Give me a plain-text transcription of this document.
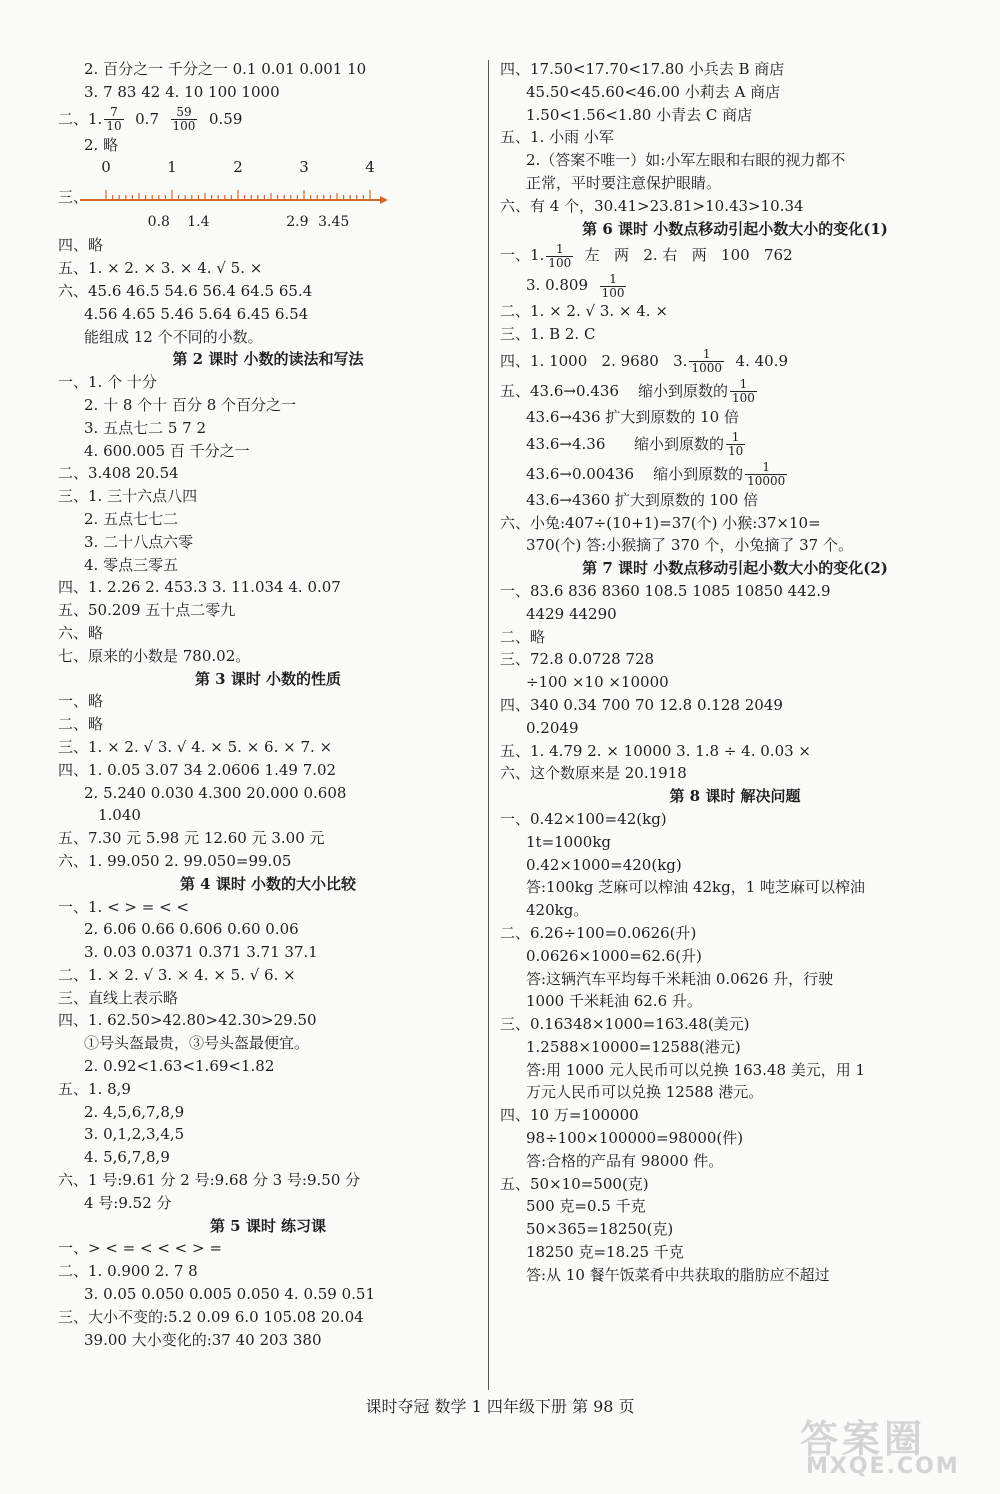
2. 百分之一 千分之一 0.1 0.01 0.001 10
3. 7 83 42 4. 10 100 1000
二、1. $\frac{7}{10} 0.7 \frac{59}{100} 0.59$
2. 略
三、
0	1	2	3	4
0.8 1.4	2.9 3.45
四、略
五、1. × 2. × 3. × 4. √ 5. ×
六、45.6 46.5 54.6 56.4 64.5 65.4
4.56 4.65 5.46 5.64 6.45 6.54
能组成 12 个不同的小数。
第 2 课时 小数的读法和写法
一、1. 个 十分
2. 十 8 个十 百分 8 个百分之一
3. 五点七二 5 7 2
4. 600.005 百 千分之一
二、3.408 20.54
三、1. 三十六点八四
2. 五点七七二
3. 二十八点六零
4. 零点三零五
四、1. 2.26 2. 453.3 3. 11.034 4. 0.07
五、50.209 五十点二零九
六、略
七、原来的小数是 780.02。
第 3 课时 小数的性质
一、略
二、略
三、1. × 2. √ 3. √ 4. × 5. × 6. × 7. ×
四、1. 0.05 3.07 34 2.0606 1.49 7.02
2. 5.240 0.030 4.300 20.000 0.608
1.040
五、7.30 元 5.98 元 12.60 元 3.00 元
六、1. 99.050 2. 99.050=99.05
第 4 课时 小数的大小比较
一、1. < > = < <
2. 6.06 0.66 0.606 0.60 0.06
3. 0.03 0.0371 0.371 3.71 37.1
二、1. × 2. √ 3. × 4. × 5. √ 6. ×
三、直线上表示略
四、1. 62.50>42.80>42.30>29.50
①号头盔最贵，③号头盔最便宜。
2. 0.92<1.63<1.69<1.82
五、1. 8,9
2. 4,5,6,7,8,9
3. 0,1,2,3,4,5
4. 5,6,7,8,9
六、1 号:9.61 分 2 号:9.68 分 3 号:9.50 分
4 号:9.52 分
第 5 课时 练习课
一、> < = < < < > =
二、1. 0.900 2. 7 8
3. 0.05 0.050 0.005 0.050 4. 0.59 0.51
三、大小不变的:5.2 0.09 6.0 105.08 20.04
39.00 大小变化的:37 40 203 380
四、17.50<17.70<17.80 小兵去 B 商店
45.50<45.60<46.00 小莉去 A 商店
1.50<1.56<1.80 小青去 C 商店
五、1. 小雨 小军
2.（答案不唯一）如:小军左眼和右眼的视力都不
正常，平时要注意保护眼睛。
六、有 4 个，30.41>23.81>10.43>10.34
第 6 课时 小数点移动引起小数大小的变化(1)
一、1. $\frac{1}{100}$ 左   两   2. 右   两   100   762
3. $0.809 \frac{1}{100}$
二、1. × 2. √ 3. × 4. ×
三、1. B 2. C
四、1. 1000   2. 9680   3. $\frac{1}{1000} 4$. 40.9
五、43.6→0.436    缩小到原数的 $\frac{1}{100}$
43.6→436 扩大到原数的 10 倍
43.6→4.36      缩小到原数的 $\frac{1}{10}$
43.6→0.00436    缩小到原数的 $\frac{1}{10000}$
43.6→4360 扩大到原数的 100 倍
六、小兔:407÷(10+1)=37(个) 小猴:37×10=
370(个) 答:小猴摘了 370 个，小兔摘了 37 个。
第 7 课时 小数点移动引起小数大小的变化(2)
一、83.6 836 8360 108.5 1085 10850 442.9
4429 44290
二、略
三、72.8 0.0728 728
÷100 ×10 ×10000
四、340 0.34 700 70 12.8 0.128 2049
0.2049
五、1. 4.79 2. × 10000 3. 1.8 ÷ 4. 0.03 ×
六、这个数原来是 20.1918
第 8 课时 解决问题
一、0.42×100=42(kg)
1t=1000kg
0.42×1000=420(kg)
答:100kg 芝麻可以榨油 42kg，1 吨芝麻可以榨油
420kg。
二、6.26÷100=0.0626(升)
0.0626×1000=62.6(升)
答:这辆汽车平均每千米耗油 0.0626 升，行驶
1000 千米耗油 62.6 升。
三、0.16348×1000=163.48(美元)
1.2588×10000=12588(港元)
答:用 1000 元人民币可以兑换 163.48 美元，用 1
万元人民币可以兑换 12588 港元。
四、10 万=100000
98÷100×100000=98000(件)
答:合格的产品有 98000 件。
五、50×10=500(克)
500 克=0.5 千克
50×365=18250(克)
18250 克=18.25 千克
答:从 10 餐午饭菜肴中共获取的脂肪应不超过
课时夺冠 数学 1 四年级下册 第 98 页
答案圈
MXQE.COM
